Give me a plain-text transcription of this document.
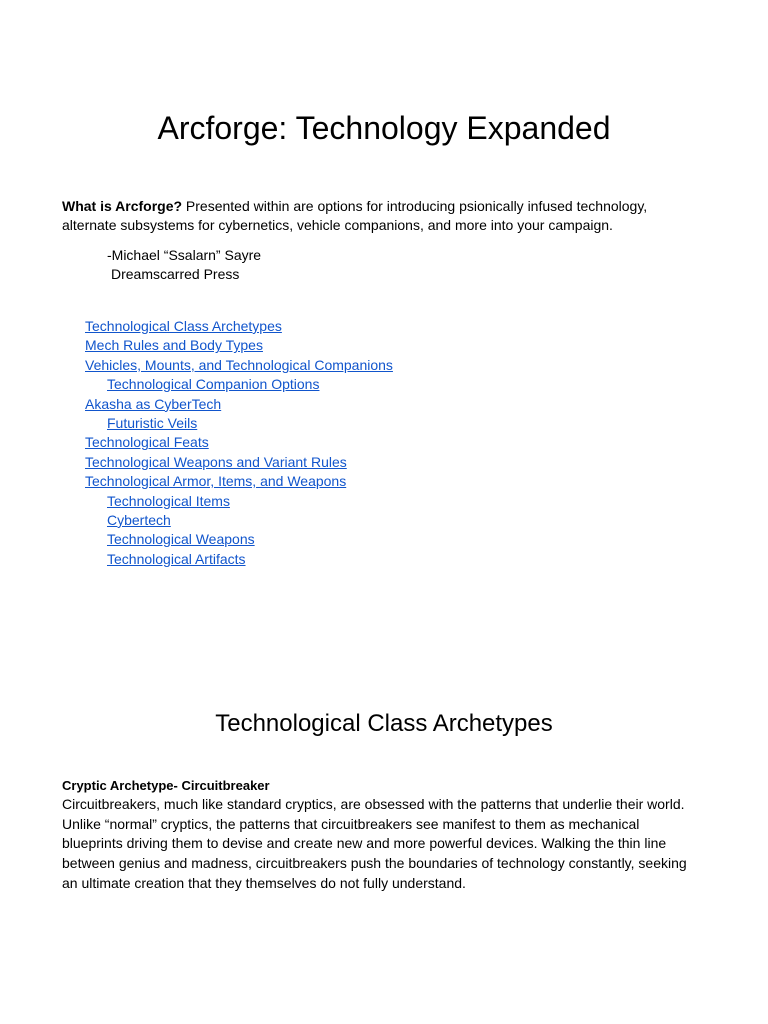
Arcforge: Technology Expanded

What is Arcforge? Presented within are options for introducing psionically infused technology, alternate subsystems for cybernetics, vehicle companions, and more into your campaign.

-Michael “Ssalarn” Sayre
Dreamscarred Press
Technological Class Archetypes
Mech Rules and Body Types
Vehicles, Mounts, and Technological Companions
Technological Companion Options
Akasha as CyberTech
Futuristic Veils
Technological Feats
Technological Weapons and Variant Rules
Technological Armor, Items, and Weapons
Technological Items
Cybertech
Technological Weapons
Technological Artifacts
Technological Class Archetypes
Cryptic Archetype- Circuitbreaker

Circuitbreakers, much like standard cryptics, are obsessed with the patterns that underlie their world. Unlike “normal” cryptics, the patterns that circuitbreakers see manifest to them as mechanical blueprints driving them to devise and create new and more powerful devices. Walking the thin line between genius and madness, circuitbreakers push the boundaries of technology constantly, seeking an ultimate creation that they themselves do not fully understand.
